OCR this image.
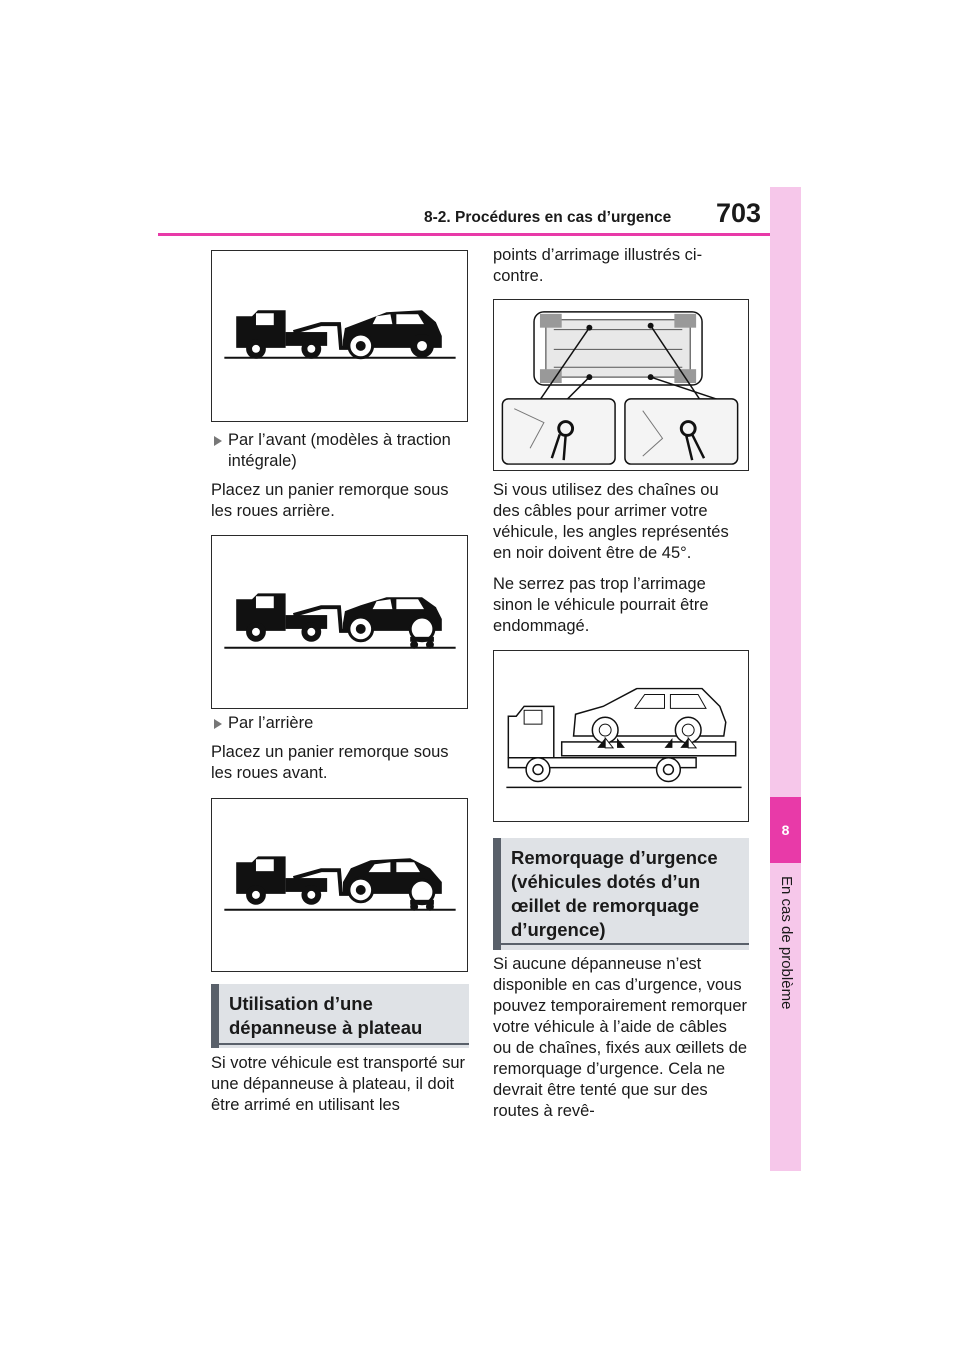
8-2. Procédures en cas d’urgence 703
8
En cas de problème
Par l’avant (modèles à traction intégrale)
Placez un panier remorque sous les roues arrière.
Par l’arrière
Placez un panier remorque sous les roues avant.
Utilisation d’une dépanneuse à plateau
Si votre véhicule est transporté sur une dépanneuse à plateau, il doit être arrimé en utilisant les
points d’arrimage illustrés ci-contre.
Si vous utilisez des chaînes ou des câbles pour arrimer votre véhicule, les angles représentés en noir doivent être de 45°.
Ne serrez pas trop l’arrimage sinon le véhicule pourrait être endommagé.
Remorquage d’urgence (véhicules dotés d’un œillet de remorquage d’urgence)
Si aucune dépanneuse n’est disponible en cas d’urgence, vous pouvez temporairement remorquer votre véhicule à l’aide de câbles ou de chaînes, fixés aux œillets de remorquage d’urgence. Cela ne devrait être tenté que sur des routes à revê-
